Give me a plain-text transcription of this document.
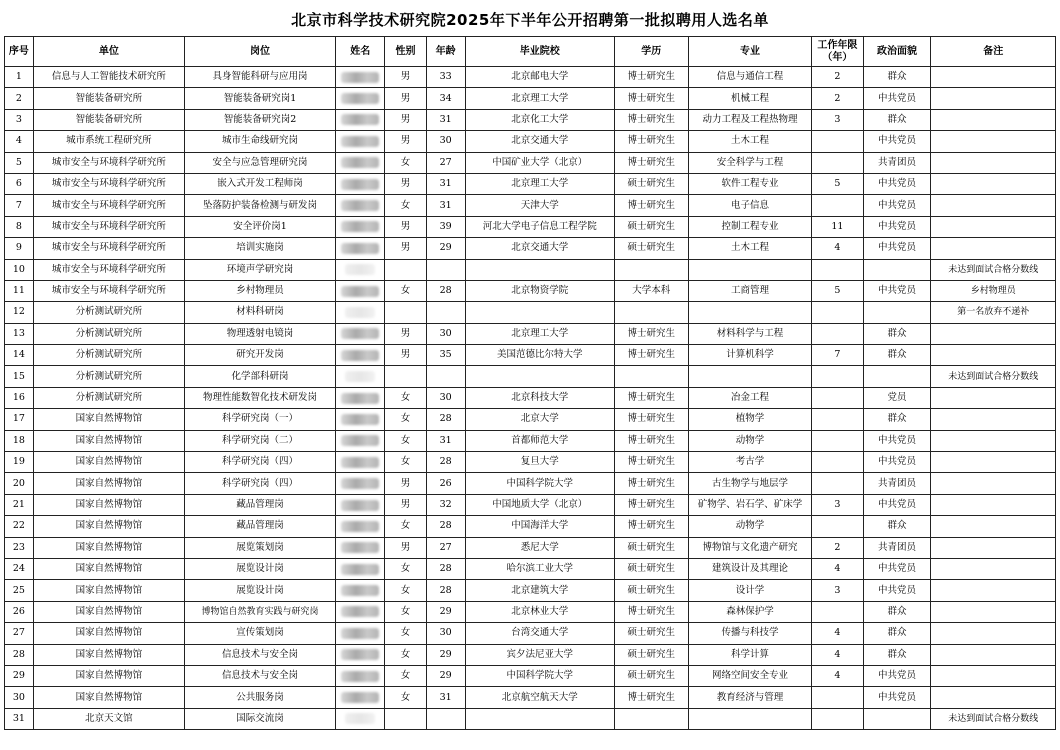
北京市科学技术研究院2025年下半年公开招聘第一批拟聘用人选名单
序号	单位	岗位	姓名	性别	年龄	毕业院校	学历	专业	工作年限（年）	政治面貌	备注
1	信息与人工智能技术研究所	具身智能科研与应用岗		男	33	北京邮电大学	博士研究生	信息与通信工程	2	群众	
2	智能装备研究所	智能装备研究岗1		男	34	北京理工大学	博士研究生	机械工程	2	中共党员	
3	智能装备研究所	智能装备研究岗2		男	31	北京化工大学	博士研究生	动力工程及工程热物理	3	群众	
4	城市系统工程研究所	城市生命线研究岗		男	30	北京交通大学	博士研究生	土木工程		中共党员	
5	城市安全与环境科学研究所	安全与应急管理研究岗		女	27	中国矿业大学（北京）	博士研究生	安全科学与工程		共青团员	
6	城市安全与环境科学研究所	嵌入式开发工程师岗		男	31	北京理工大学	硕士研究生	软件工程专业	5	中共党员	
7	城市安全与环境科学研究所	坠落防护装备检测与研发岗		女	31	天津大学	博士研究生	电子信息		中共党员	
8	城市安全与环境科学研究所	安全评价岗1		男	39	河北大学电子信息工程学院	硕士研究生	控制工程专业	11	中共党员	
9	城市安全与环境科学研究所	培训实施岗		男	29	北京交通大学	硕士研究生	土木工程	4	中共党员	
10	城市安全与环境科学研究所	环境声学研究岗									未达到面试合格分数线
11	城市安全与环境科学研究所	乡村物理员		女	28	北京物资学院	大学本科	工商管理	5	中共党员	乡村物理员
12	分析测试研究所	材料科研岗									第一名放弃不递补
13	分析测试研究所	物理透射电镜岗		男	30	北京理工大学	博士研究生	材料科学与工程		群众	
14	分析测试研究所	研究开发岗		男	35	美国范德比尔特大学	博士研究生	计算机科学	7	群众	
15	分析测试研究所	化学部科研岗									未达到面试合格分数线
16	分析测试研究所	物理性能数智化技术研发岗		女	30	北京科技大学	博士研究生	冶金工程		党员	
17	国家自然博物馆	科学研究岗（一）		女	28	北京大学	博士研究生	植物学		群众	
18	国家自然博物馆	科学研究岗（二）		女	31	首都师范大学	博士研究生	动物学		中共党员	
19	国家自然博物馆	科学研究岗（四）		女	28	复旦大学	博士研究生	考古学		中共党员	
20	国家自然博物馆	科学研究岗（四）		男	26	中国科学院大学	博士研究生	古生物学与地层学		共青团员	
21	国家自然博物馆	藏品管理岗		男	32	中国地质大学（北京）	博士研究生	矿物学、岩石学、矿床学	3	中共党员	
22	国家自然博物馆	藏品管理岗		女	28	中国海洋大学	博士研究生	动物学		群众	
23	国家自然博物馆	展览策划岗		男	27	悉尼大学	硕士研究生	博物馆与文化遗产研究	2	共青团员	
24	国家自然博物馆	展览设计岗		女	28	哈尔滨工业大学	硕士研究生	建筑设计及其理论	4	中共党员	
25	国家自然博物馆	展览设计岗		女	28	北京建筑大学	硕士研究生	设计学	3	中共党员	
26	国家自然博物馆	博物馆自然教育实践与研究岗		女	29	北京林业大学	博士研究生	森林保护学		群众	
27	国家自然博物馆	宣传策划岗		女	30	台湾交通大学	硕士研究生	传播与科技学	4	群众	
28	国家自然博物馆	信息技术与安全岗		女	29	宾夕法尼亚大学	硕士研究生	科学计算	4	群众	
29	国家自然博物馆	信息技术与安全岗		女	29	中国科学院大学	硕士研究生	网络空间安全专业	4	中共党员	
30	国家自然博物馆	公共服务岗		女	31	北京航空航天大学	博士研究生	教育经济与管理		中共党员	
31	北京天文馆	国际交流岗									未达到面试合格分数线
